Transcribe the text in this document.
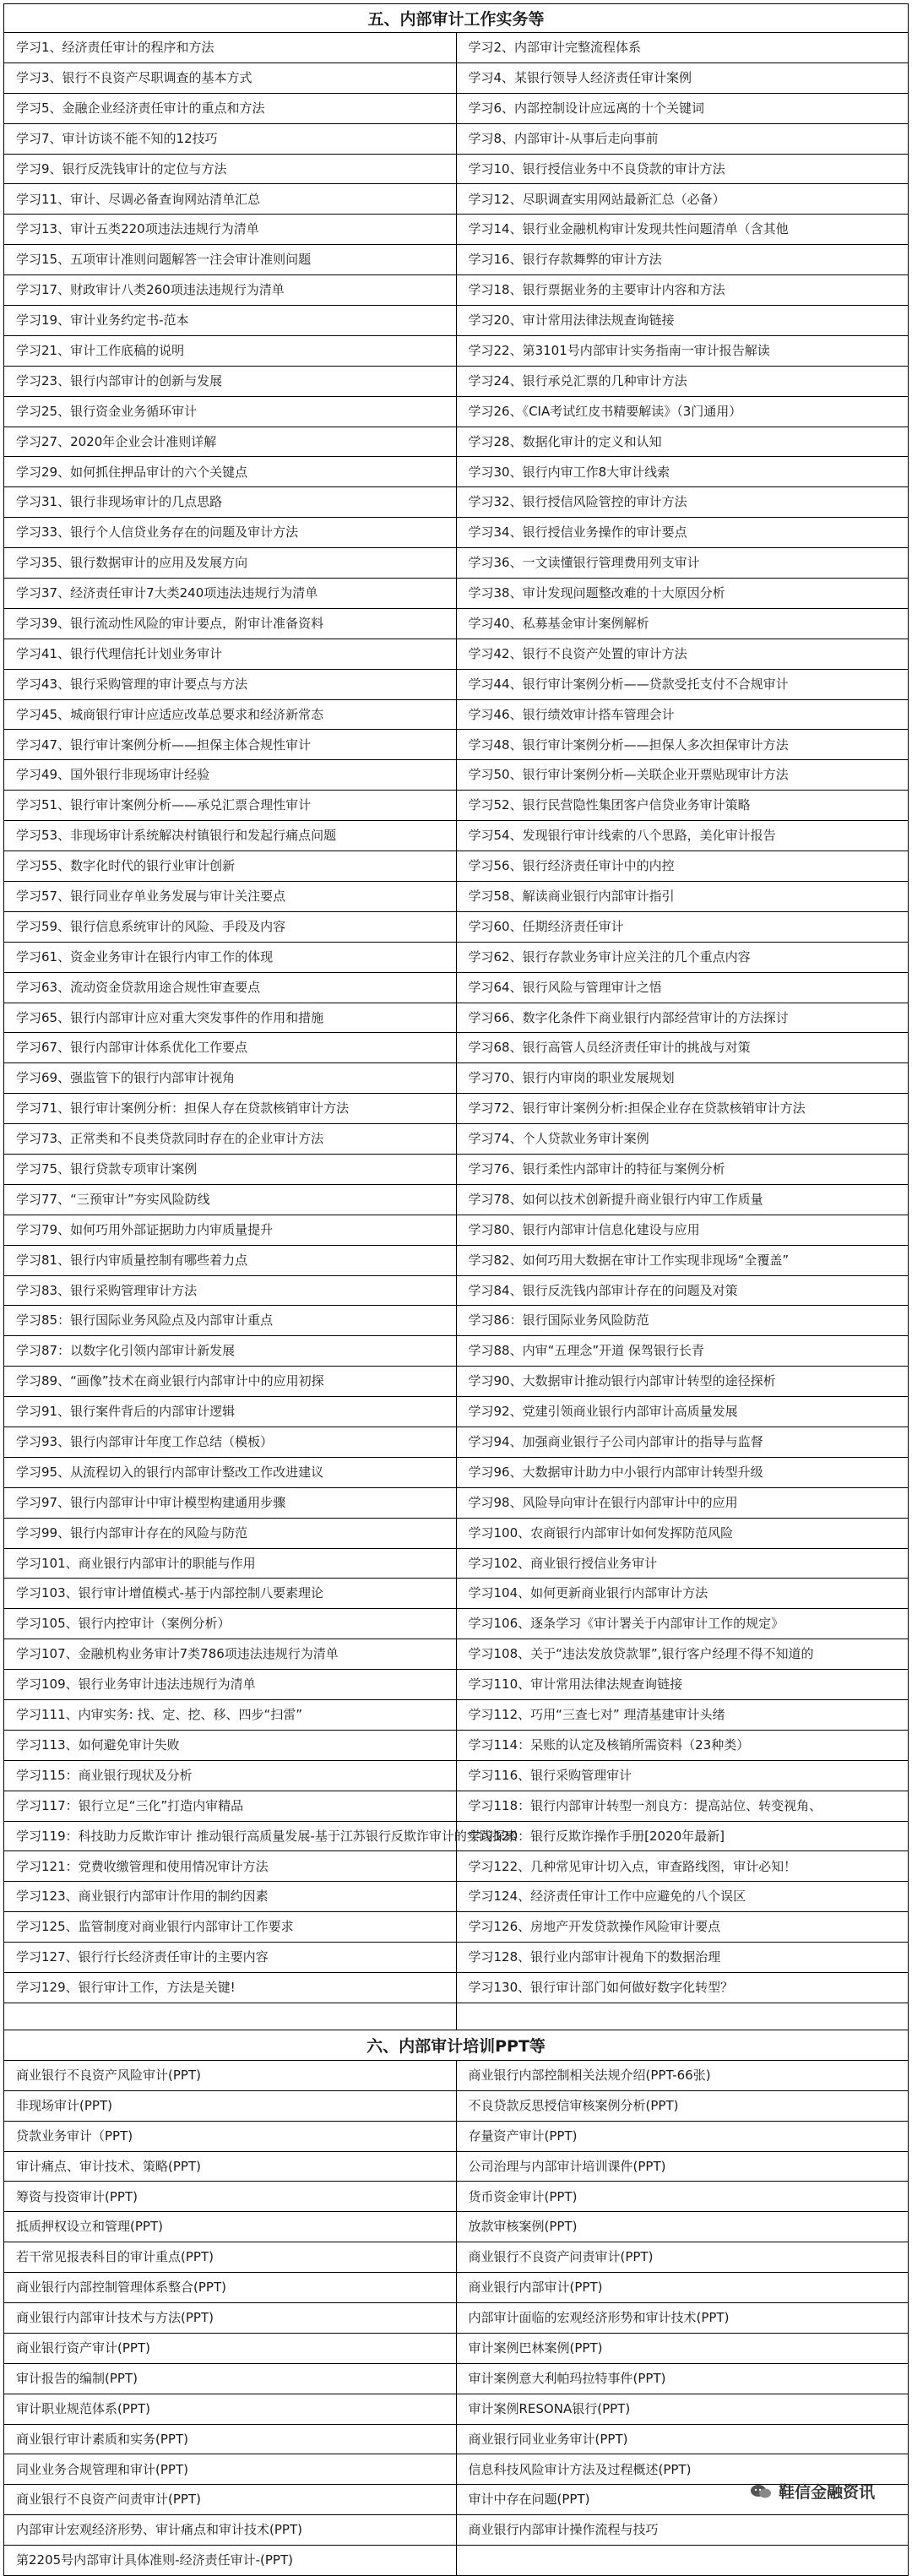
五、内部审计工作实务等	
学习1、经济责任审计的程序和方法	学习2、内部审计完整流程体系
学习3、银行不良资产尽职调查的基本方式	学习4、某银行领导人经济责任审计案例
学习5、金融企业经济责任审计的重点和方法	学习6、内部控制设计应远离的十个关键词
学习7、审计访谈不能不知的12技巧	学习8、内部审计-从事后走向事前
学习9、银行反洗钱审计的定位与方法	学习10、银行授信业务中不良贷款的审计方法
学习11、审计、尽调必备查询网站清单汇总	学习12、尽职调查实用网站最新汇总（必备）
学习13、审计五类220项违法违规行为清单	学习14、银行业金融机构审计发现共性问题清单（含其他
学习15、五项审计准则问题解答一注会审计准则问题	学习16、银行存款舞弊的审计方法
学习17、财政审计八类260项违法违规行为清单	学习18、银行票据业务的主要审计内容和方法
学习19、审计业务约定书-范本	学习20、审计常用法律法规查询链接
学习21、审计工作底稿的说明	学习22、第3101号内部审计实务指南一审计报告解读
学习23、银行内部审计的创新与发展	学习24、银行承兑汇票的几种审计方法
学习25、银行资金业务循环审计	学习26、《CIA考试红皮书精要解读》（3门通用）
学习27、2020年企业会计准则详解	学习28、数据化审计的定义和认知
学习29、如何抓住押品审计的六个关键点	学习30、银行内审工作8大审计线索
学习31、银行非现场审计的几点思路	学习32、银行授信风险管控的审计方法
学习33、银行个人信贷业务存在的问题及审计方法	学习34、银行授信业务操作的审计要点
学习35、银行数据审计的应用及发展方向	学习36、一文读懂银行管理费用列支审计
学习37、经济责任审计7大类240项违法违规行为清单	学习38、审计发现问题整改难的十大原因分析
学习39、银行流动性风险的审计要点，附审计准备资料	学习40、私募基金审计案例解析
学习41、银行代理信托计划业务审计	学习42、银行不良资产处置的审计方法
学习43、银行采购管理的审计要点与方法	学习44、银行审计案例分析——贷款受托支付不合规审计
学习45、城商银行审计应适应改革总要求和经济新常态	学习46、银行绩效审计搭车管理会计
学习47、银行审计案例分析——担保主体合规性审计	学习48、银行审计案例分析——担保人多次担保审计方法
学习49、国外银行非现场审计经验	学习50、银行审计案例分析—关联企业开票贴现审计方法
学习51、银行审计案例分析——承兑汇票合理性审计	学习52、银行民营隐性集团客户信贷业务审计策略
学习53、非现场审计系统解决村镇银行和发起行痛点问题	学习54、发现银行审计线索的八个思路，美化审计报告
学习55、数字化时代的银行业审计创新	学习56、银行经济责任审计中的内控
学习57、银行同业存单业务发展与审计关注要点	学习58、解读商业银行内部审计指引
学习59、银行信息系统审计的风险、手段及内容	学习60、任期经济责任审计
学习61、资金业务审计在银行内审工作的体现	学习62、银行存款业务审计应关注的几个重点内容
学习63、流动资金贷款用途合规性审查要点	学习64、银行风险与管理审计之悟
学习65、银行内部审计应对重大突发事件的作用和措施	学习66、数字化条件下商业银行内部经营审计的方法探讨
学习67、银行内部审计体系优化工作要点	学习68、银行高管人员经济责任审计的挑战与对策
学习69、强监管下的银行内部审计视角	学习70、银行内审岗的职业发展规划
学习71、银行审计案例分析：担保人存在贷款核销审计方法	学习72、银行审计案例分析:担保企业存在贷款核销审计方法
学习73、正常类和不良类贷款同时存在的企业审计方法	学习74、个人贷款业务审计案例
学习75、银行贷款专项审计案例	学习76、银行柔性内部审计的特征与案例分析
学习77、“三预审计”夯实风险防线	学习78、如何以技术创新提升商业银行内审工作质量
学习79、如何巧用外部证据助力内审质量提升	学习80、银行内部审计信息化建设与应用
学习81、银行内审质量控制有哪些着力点	学习82、如何巧用大数据在审计工作实现非现场“全覆盖”
学习83、银行采购管理审计方法	学习84、银行反洗钱内部审计存在的问题及对策
学习85：银行国际业务风险点及内部审计重点	学习86：银行国际业务风险防范
学习87：以数字化引领内部审计新发展	学习88、内审“五理念”开道 保驾银行长青
学习89、“画像”技术在商业银行内部审计中的应用初探	学习90、大数据审计推动银行内部审计转型的途径探析
学习91、银行案件背后的内部审计逻辑	学习92、党建引领商业银行内部审计高质量发展
学习93、银行内部审计年度工作总结（模板）	学习94、加强商业银行子公司内部审计的指导与监督
学习95、从流程切入的银行内部审计整改工作改进建议	学习96、大数据审计助力中小银行内部审计转型升级
学习97、银行内部审计中审计模型构建通用步骤	学习98、风险导向审计在银行内部审计中的应用
学习99、银行内部审计存在的风险与防范	学习100、农商银行内部审计如何发挥防范风险
学习101、商业银行内部审计的职能与作用	学习102、商业银行授信业务审计
学习103、银行审计增值模式-基于内部控制八要素理论	学习104、如何更新商业银行内部审计方法
学习105、银行内控审计（案例分析）	学习106、逐条学习《审计署关于内部审计工作的规定》
学习107、金融机构业务审计7类786项违法违规行为清单	学习108、关于“违法发放贷款罪”,银行客户经理不得不知道的
学习109、银行业务审计违法违规行为清单	学习110、审计常用法律法规查询链接
学习111、内审实务: 找、定、挖、移、四步“扫雷”	学习112、巧用“三查七对” 理清基建审计头绪
学习113、如何避免审计失败	学习114：呆账的认定及核销所需资料（23种类）
学习115：商业银行现状及分析	学习116、银行采购管理审计
学习117：银行立足“三化”打造内审精品	学习118：银行内部审计转型一剂良方：提高站位、转变视角、
学习119：科技助力反欺诈审计 推动银行高质量发展-基于江苏银行反欺诈审计的实践探索	学习120：银行反欺诈操作手册[2020年最新]
学习121：党费收缴管理和使用情况审计方法	学习122、几种常见审计切入点，审查路线图，审计必知！
学习123、商业银行内部审计作用的制约因素	学习124、经济责任审计工作中应避免的八个误区
学习125、监管制度对商业银行内部审计工作要求	学习126、房地产开发贷款操作风险审计要点
学习127、银行行长经济责任审计的主要内容	学习128、银行业内部审计视角下的数据治理
学习129、银行审计工作，方法是关键!	学习130、银行审计部门如何做好数字化转型？

六、内部审计培训PPT等	
商业银行不良资产风险审计(PPT)	商业银行内部控制相关法规介绍(PPT-66张)
非现场审计(PPT)	不良贷款反思授信审核案例分析(PPT)
贷款业务审计（PPT)	存量资产审计(PPT)
审计痛点、审计技术、策略(PPT)	公司治理与内部审计培训课件(PPT)
筹资与投资审计(PPT)	货币资金审计(PPT)
抵质押权设立和管理(PPT)	放款审核案例(PPT)
若干常见报表科目的审计重点(PPT)	商业银行不良资产问责审计(PPT)
商业银行内部控制管理体系整合(PPT)	商业银行内部审计(PPT)
商业银行内部审计技术与方法(PPT)	内部审计面临的宏观经济形势和审计技术(PPT)
商业银行资产审计(PPT)	审计案例巴林案例(PPT)
审计报告的编制(PPT)	审计案例意大利帕玛拉特事件(PPT)
审计职业规范体系(PPT)	审计案例RESONA银行(PPT)
商业银行审计素质和实务(PPT)	商业银行同业业务审计(PPT)
同业业务合规管理和审计(PPT)	信息科技风险审计方法及过程概述(PPT)
商业银行不良资产问责审计(PPT)	审计中存在问题(PPT)
内部审计宏观经济形势、审计痛点和审计技术(PPT)	商业银行内部审计操作流程与技巧
第2205号内部审计具体准则-经济责任审计-(PPT)	
鞋信金融资讯
